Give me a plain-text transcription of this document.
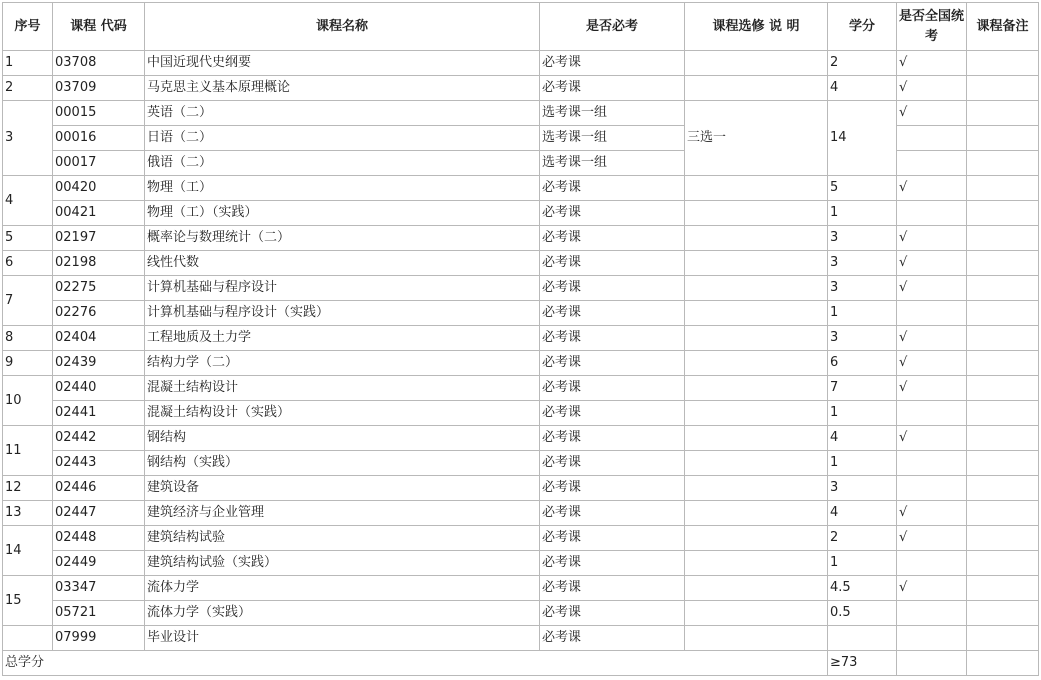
序号	课程 代码	课程名称	是否必考	课程选修 说 明	学分	是否全国统考	课程备注
1	03708	中国近现代史纲要	必考课		2	√	
2	03709	马克思主义基本原理概论	必考课		4	√	
3	00015	英语（二）	选考课一组	三选一	14	√	
	00016	日语（二）	选考课一组				
	00017	俄语（二）	选考课一组				
4	00420	物理（工）	必考课		5	√	
	00421	物理（工）（实践）	必考课		1		
5	02197	概率论与数理统计（二）	必考课		3	√	
6	02198	线性代数	必考课		3	√	
7	02275	计算机基础与程序设计	必考课		3	√	
	02276	计算机基础与程序设计（实践）	必考课		1		
8	02404	工程地质及土力学	必考课		3	√	
9	02439	结构力学（二）	必考课		6	√	
10	02440	混凝土结构设计	必考课		7	√	
	02441	混凝土结构设计（实践）	必考课		1		
11	02442	钢结构	必考课		4	√	
	02443	钢结构（实践）	必考课		1		
12	02446	建筑设备	必考课		3		
13	02447	建筑经济与企业管理	必考课		4	√	
14	02448	建筑结构试验	必考课		2	√	
	02449	建筑结构试验（实践）	必考课		1		
15	03347	流体力学	必考课		4.5	√	
	05721	流体力学（实践）	必考课		0.5		
	07999	毕业设计	必考课				
总学分					≥73		
